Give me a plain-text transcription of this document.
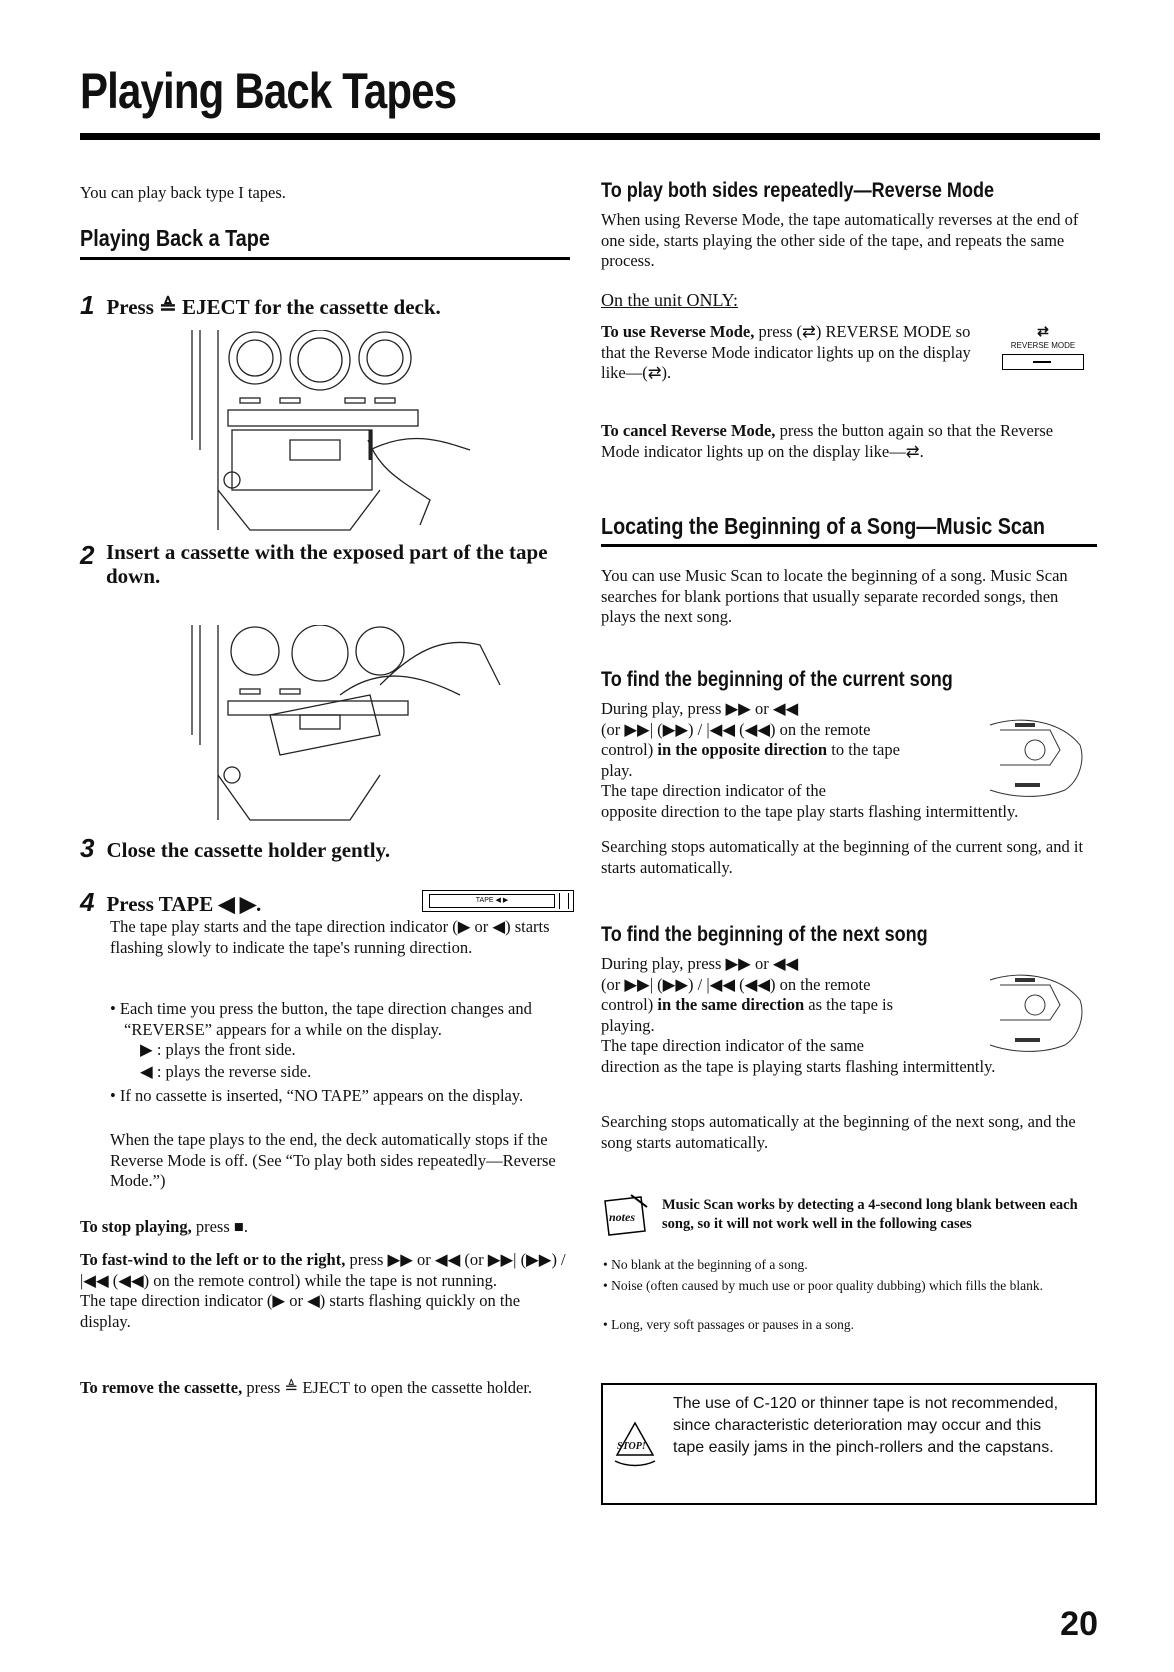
Playing Back Tapes
You can play back type I tapes.
Playing Back a Tape
1 Press ≜ EJECT for the cassette deck.
2 Insert a cassette with the exposed part of the tape down.
3 Close the cassette holder gently.
4 Press TAPE ◀ ▶.	TAPE ◀ ▶
The tape play starts and the tape direction indicator (▶ or ◀) starts flashing slowly to indicate the tape's running direction.
• Each time you press the button, the tape direction changes and “REVERSE” appears for a while on the display.
▶ : plays the front side.
◀ : plays the reverse side.
• If no cassette is inserted, “NO TAPE” appears on the display.
When the tape plays to the end, the deck automatically stops if the Reverse Mode is off. (See “To play both sides repeatedly—Reverse Mode.”)
To stop playing, press ■.
To fast-wind to the left or to the right, press ▶▶ or ◀◀ (or ▶▶| (▶▶) / |◀◀ (◀◀) on the remote control) while the tape is not running.
The tape direction indicator (▶ or ◀) starts flashing quickly on the display.
To remove the cassette, press ≜ EJECT to open the cassette holder.
To play both sides repeatedly—Reverse Mode
When using Reverse Mode, the tape automatically reverses at the end of one side, starts playing the other side of the tape, and repeats the same process.
On the unit ONLY:
To use Reverse Mode, press (⇄) REVERSE MODE so that the Reverse Mode indicator lights up on the display like—(⇄).
⇄
REVERSE MODE
To cancel Reverse Mode, press the button again so that the Reverse Mode indicator lights up on the display like—⇄.
Locating the Beginning of a Song—Music Scan
You can use Music Scan to locate the beginning of a song. Music Scan searches for blank portions that usually separate recorded songs, then plays the next song.
To find the beginning of the current song
During play, press ▶▶ or ◀◀
(or ▶▶| (▶▶) / |◀◀ (◀◀) on the remote
control) in the opposite direction to the tape
play.
The tape direction indicator of the
opposite direction to the tape play starts flashing intermittently.
Searching stops automatically at the beginning of the current song, and it starts automatically.
To find the beginning of the next song
During play, press ▶▶ or ◀◀
(or ▶▶| (▶▶) / |◀◀ (◀◀) on the remote
control) in the same direction as the tape is
playing.
The tape direction indicator of the same
direction as the tape is playing starts flashing intermittently.
Searching stops automatically at the beginning of the next song, and the song starts automatically.
notes
Music Scan works by detecting a 4-second long blank between each song, so it will not work well in the following cases
• No blank at the beginning of a song.
• Noise (often caused by much use or poor quality dubbing) which fills the blank.
• Long, very soft passages or pauses in a song.
STOP!
The use of C-120 or thinner tape is not recommended, since characteristic deterioration may occur and this tape easily jams in the pinch-rollers and the capstans.
20
